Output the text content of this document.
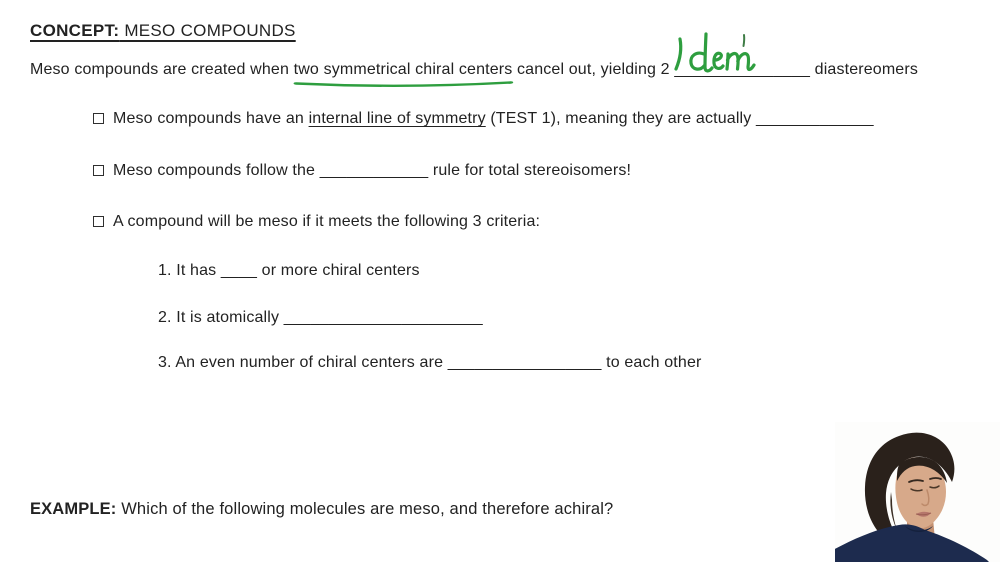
CONCEPT: MESO COMPOUNDS
Meso compounds are created when two symmetrical chiral centers
cancel out, yielding 2 _______________
diastereomers
Meso compounds have an internal line of symmetry (TEST 1), meaning they are actually _____________
Meso compounds follow the ____________ rule for total stereoisomers!
A compound will be meso if it meets the following 3 criteria:
1. It has ____ or more chiral centers
2. It is atomically ______________________
3. An even number of chiral centers are _________________ to each other
EXAMPLE: Which of the following molecules are meso, and therefore achiral?
